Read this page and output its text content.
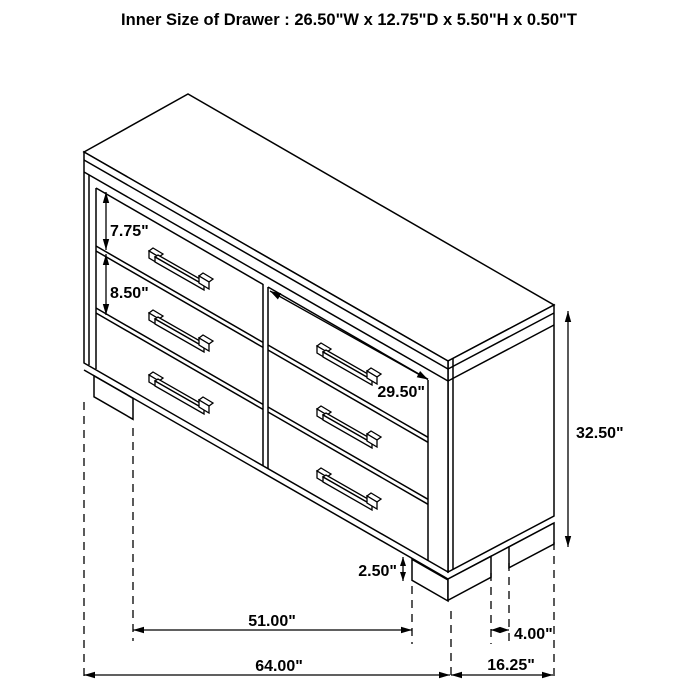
Inner Size of Drawer : 26.50"W x 12.75"D x 5.50"H x 0.50"T
7.75"
8.50"
29.50"
32.50"
2.50"
51.00"
4.00"
64.00"	16.25"
